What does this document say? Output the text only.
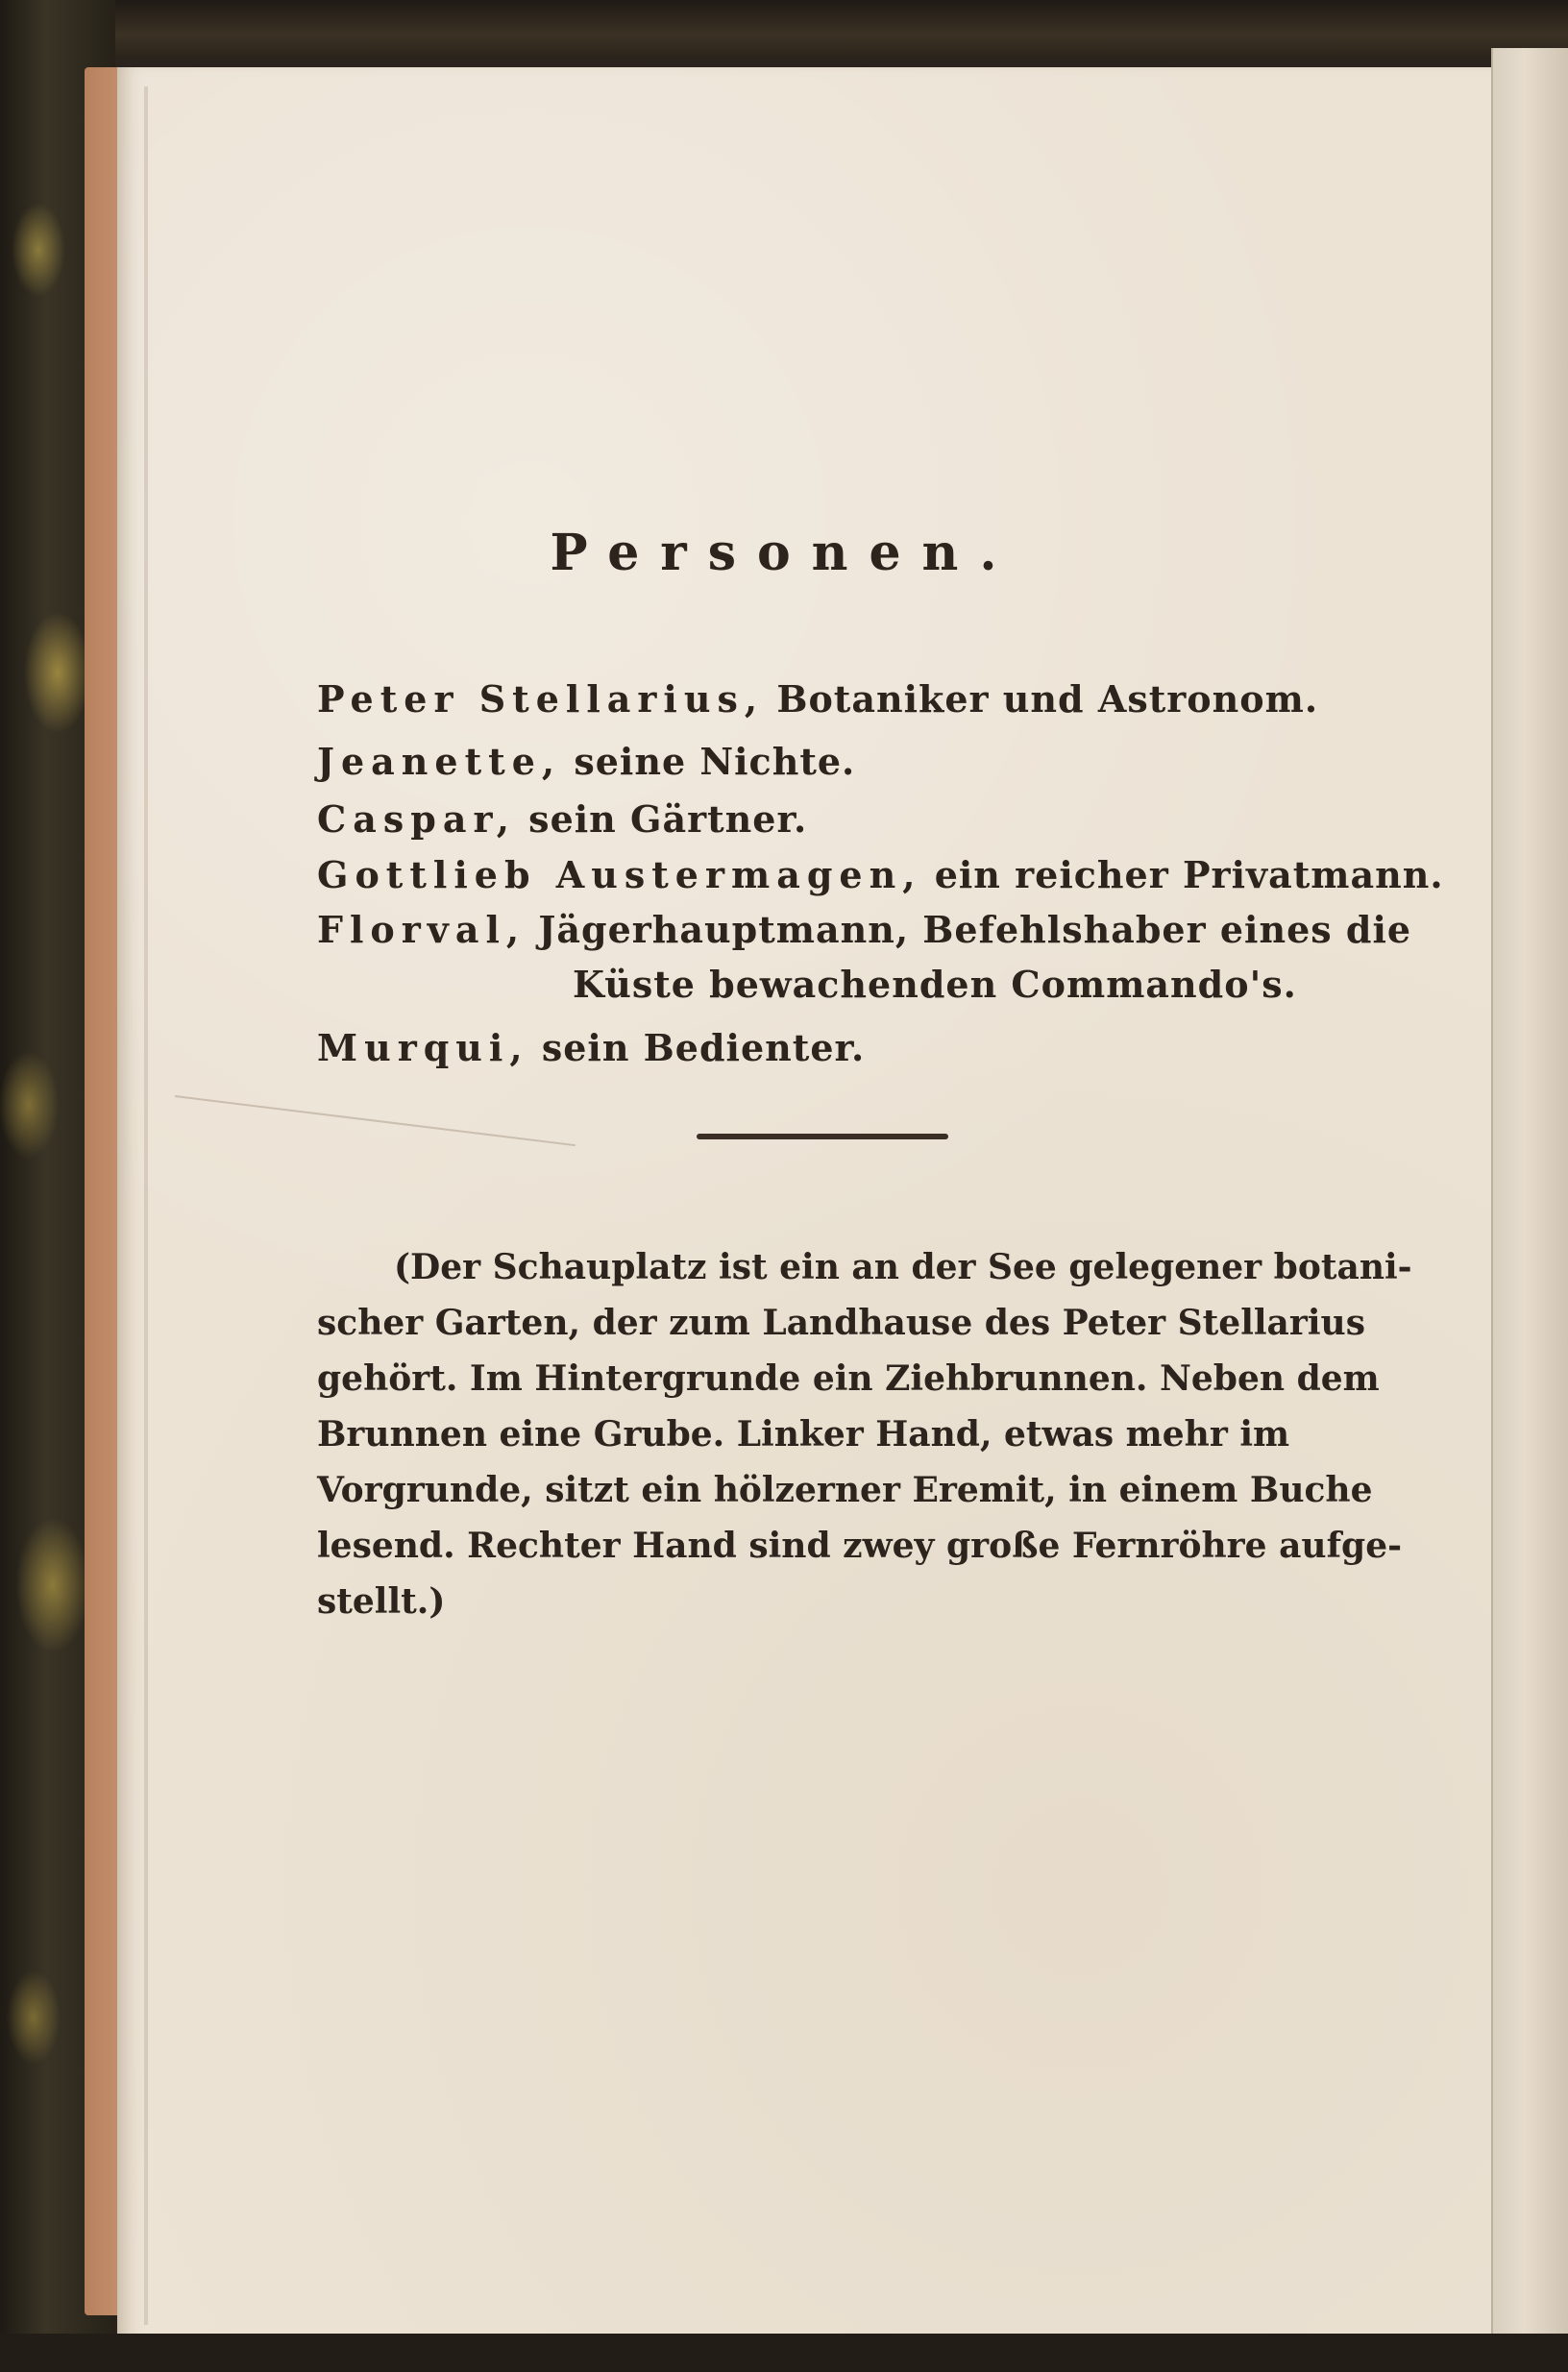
Personen.
Peter Stellarius, Botaniker und Astronom.
Jeanette, seine Nichte.
Caspar, sein Gärtner.
Gottlieb Austermagen, ein reicher Privatmann.
Florval, Jägerhauptmann, Befehlshaber eines die
Küste bewachenden Commando's.
Murqui, sein Bedienter.
(Der Schauplatz ist ein an der See gelegener botani-
scher Garten, der zum Landhause des Peter Stellarius
gehört. Im Hintergrunde ein Ziehbrunnen. Neben dem
Brunnen eine Grube. Linker Hand, etwas mehr im
Vorgrunde, sitzt ein hölzerner Eremit, in einem Buche
lesend. Rechter Hand sind zwey große Fernröhre aufge-
stellt.)
